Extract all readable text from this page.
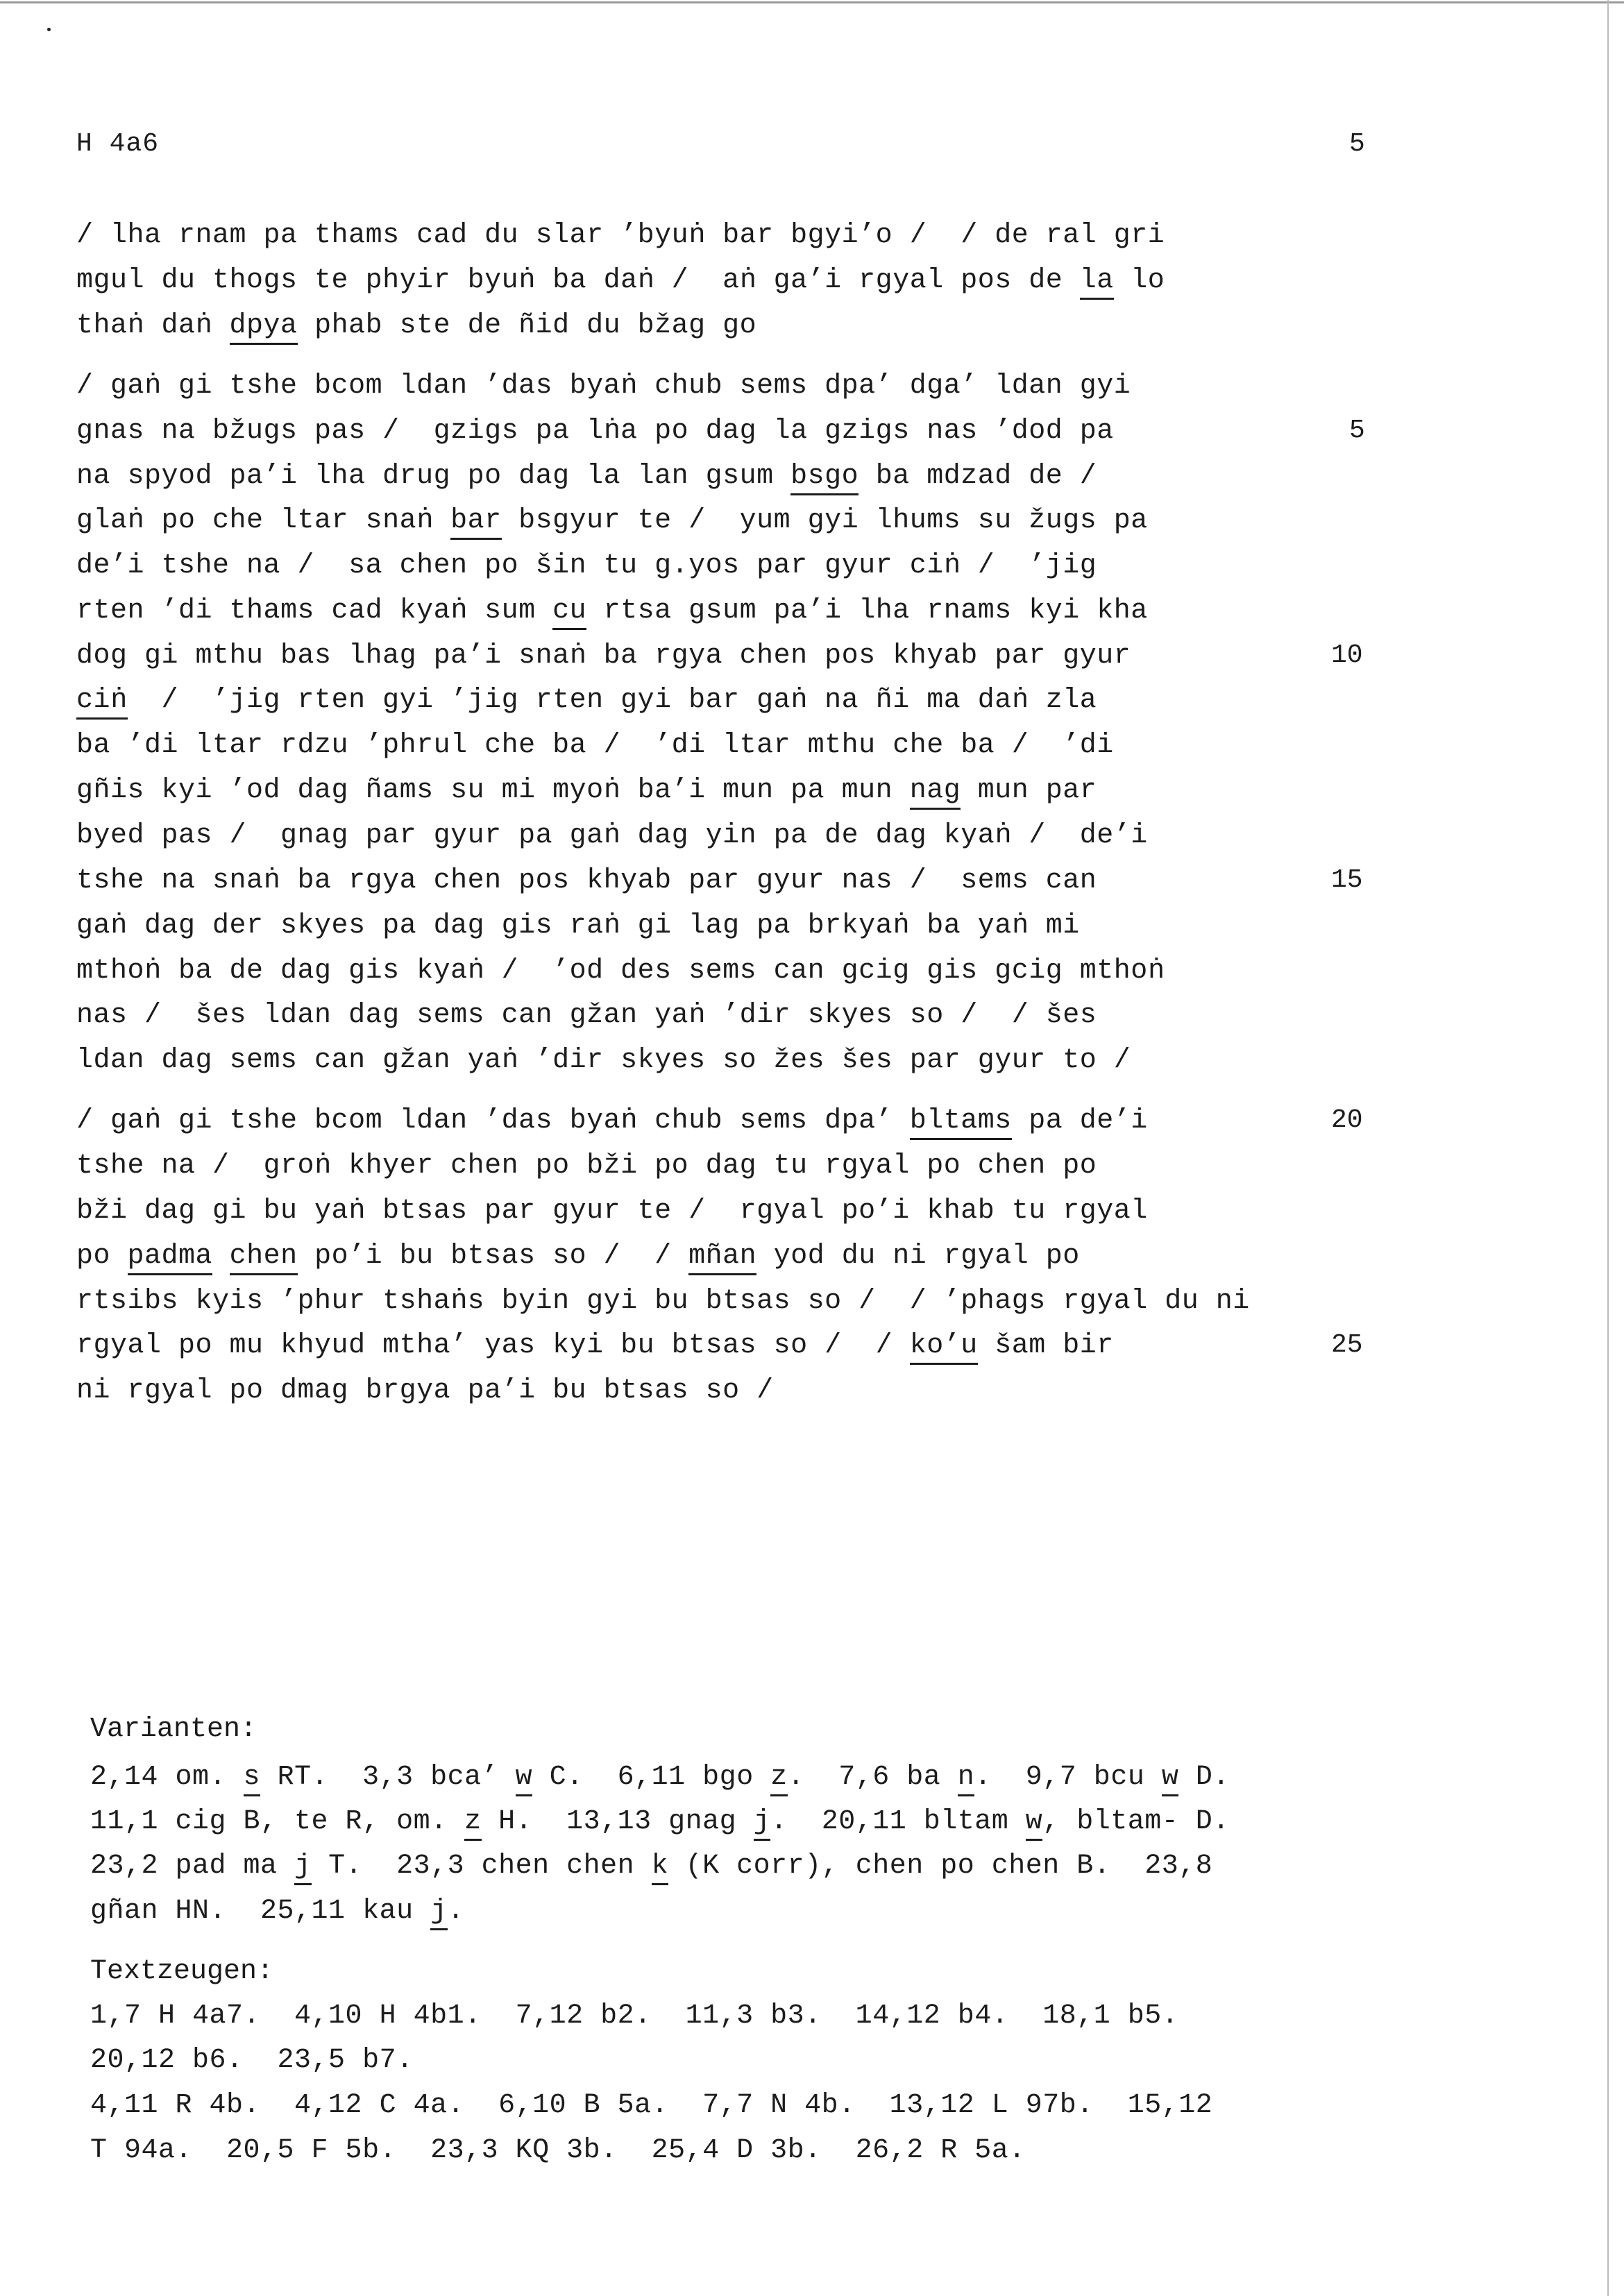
H 4a6	5
/ lha rnam pa thams cad du slar ’byuṅ bar bgyi’o /  / de ral gri
mgul du thogs te phyir byuṅ ba daṅ /  aṅ ga’i rgyal pos de la lo
thaṅ daṅ dpya phab ste de ñid du bžag go
/ gaṅ gi tshe bcom ldan ’das byaṅ chub sems dpa’ dga’ ldan gyi
gnas na bžugs pas /  gzigs pa lṅa po dag la gzigs nas ’dod pa	5
na spyod pa’i lha drug po dag la lan gsum bsgo ba mdzad de /
glaṅ po che ltar snaṅ bar bsgyur te /  yum gyi lhums su žugs pa
de’i tshe na /  sa chen po šin tu g.yos par gyur ciṅ /  ’jig
rten ’di thams cad kyaṅ sum cu rtsa gsum pa’i lha rnams kyi kha
dog gi mthu bas lhag pa’i snaṅ ba rgya chen pos khyab par gyur	10
ciṅ  /  ’jig rten gyi ’jig rten gyi bar gaṅ na ñi ma daṅ zla
ba ’di ltar rdzu ’phrul che ba /  ’di ltar mthu che ba /  ’di
gñis kyi ’od dag ñams su mi myoṅ ba’i mun pa mun nag mun par
byed pas /  gnag par gyur pa gaṅ dag yin pa de dag kyaṅ /  de’i
tshe na snaṅ ba rgya chen pos khyab par gyur nas /  sems can	15
gaṅ dag der skyes pa dag gis raṅ gi lag pa brkyaṅ ba yaṅ mi
mthoṅ ba de dag gis kyaṅ /  ’od des sems can gcig gis gcig mthoṅ
nas /  šes ldan dag sems can gžan yaṅ ’dir skyes so /  / šes
ldan dag sems can gžan yaṅ ’dir skyes so žes šes par gyur to /
/ gaṅ gi tshe bcom ldan ’das byaṅ chub sems dpa’ bltams pa de’i	20
tshe na /  groṅ khyer chen po bži po dag tu rgyal po chen po
bži dag gi bu yaṅ btsas par gyur te /  rgyal po’i khab tu rgyal
po padma chen po’i bu btsas so /  / mñan yod du ni rgyal po
rtsibs kyis ’phur tshaṅs byin gyi bu btsas so /  / ’phags rgyal du ni
rgyal po mu khyud mtha’ yas kyi bu btsas so /  / ko’u šam bir	25
ni rgyal po dmag brgya pa’i bu btsas so /
Varianten:
2,14 om. s RT.  3,3 bca’ w C.  6,11 bgo z.  7,6 ba n.  9,7 bcu w D.
11,1 cig B, te R, om. z H.  13,13 gnag j.  20,11 bltam w, bltam- D.
23,2 pad ma j T.  23,3 chen chen k (K corr), chen po chen B.  23,8
gñan HN.  25,11 kau j.
Textzeugen:
1,7 H 4a7.  4,10 H 4b1.  7,12 b2.  11,3 b3.  14,12 b4.  18,1 b5.
20,12 b6.  23,5 b7.
4,11 R 4b.  4,12 C 4a.  6,10 B 5a.  7,7 N 4b.  13,12 L 97b.  15,12
T 94a.  20,5 F 5b.  23,3 KQ 3b.  25,4 D 3b.  26,2 R 5a.
